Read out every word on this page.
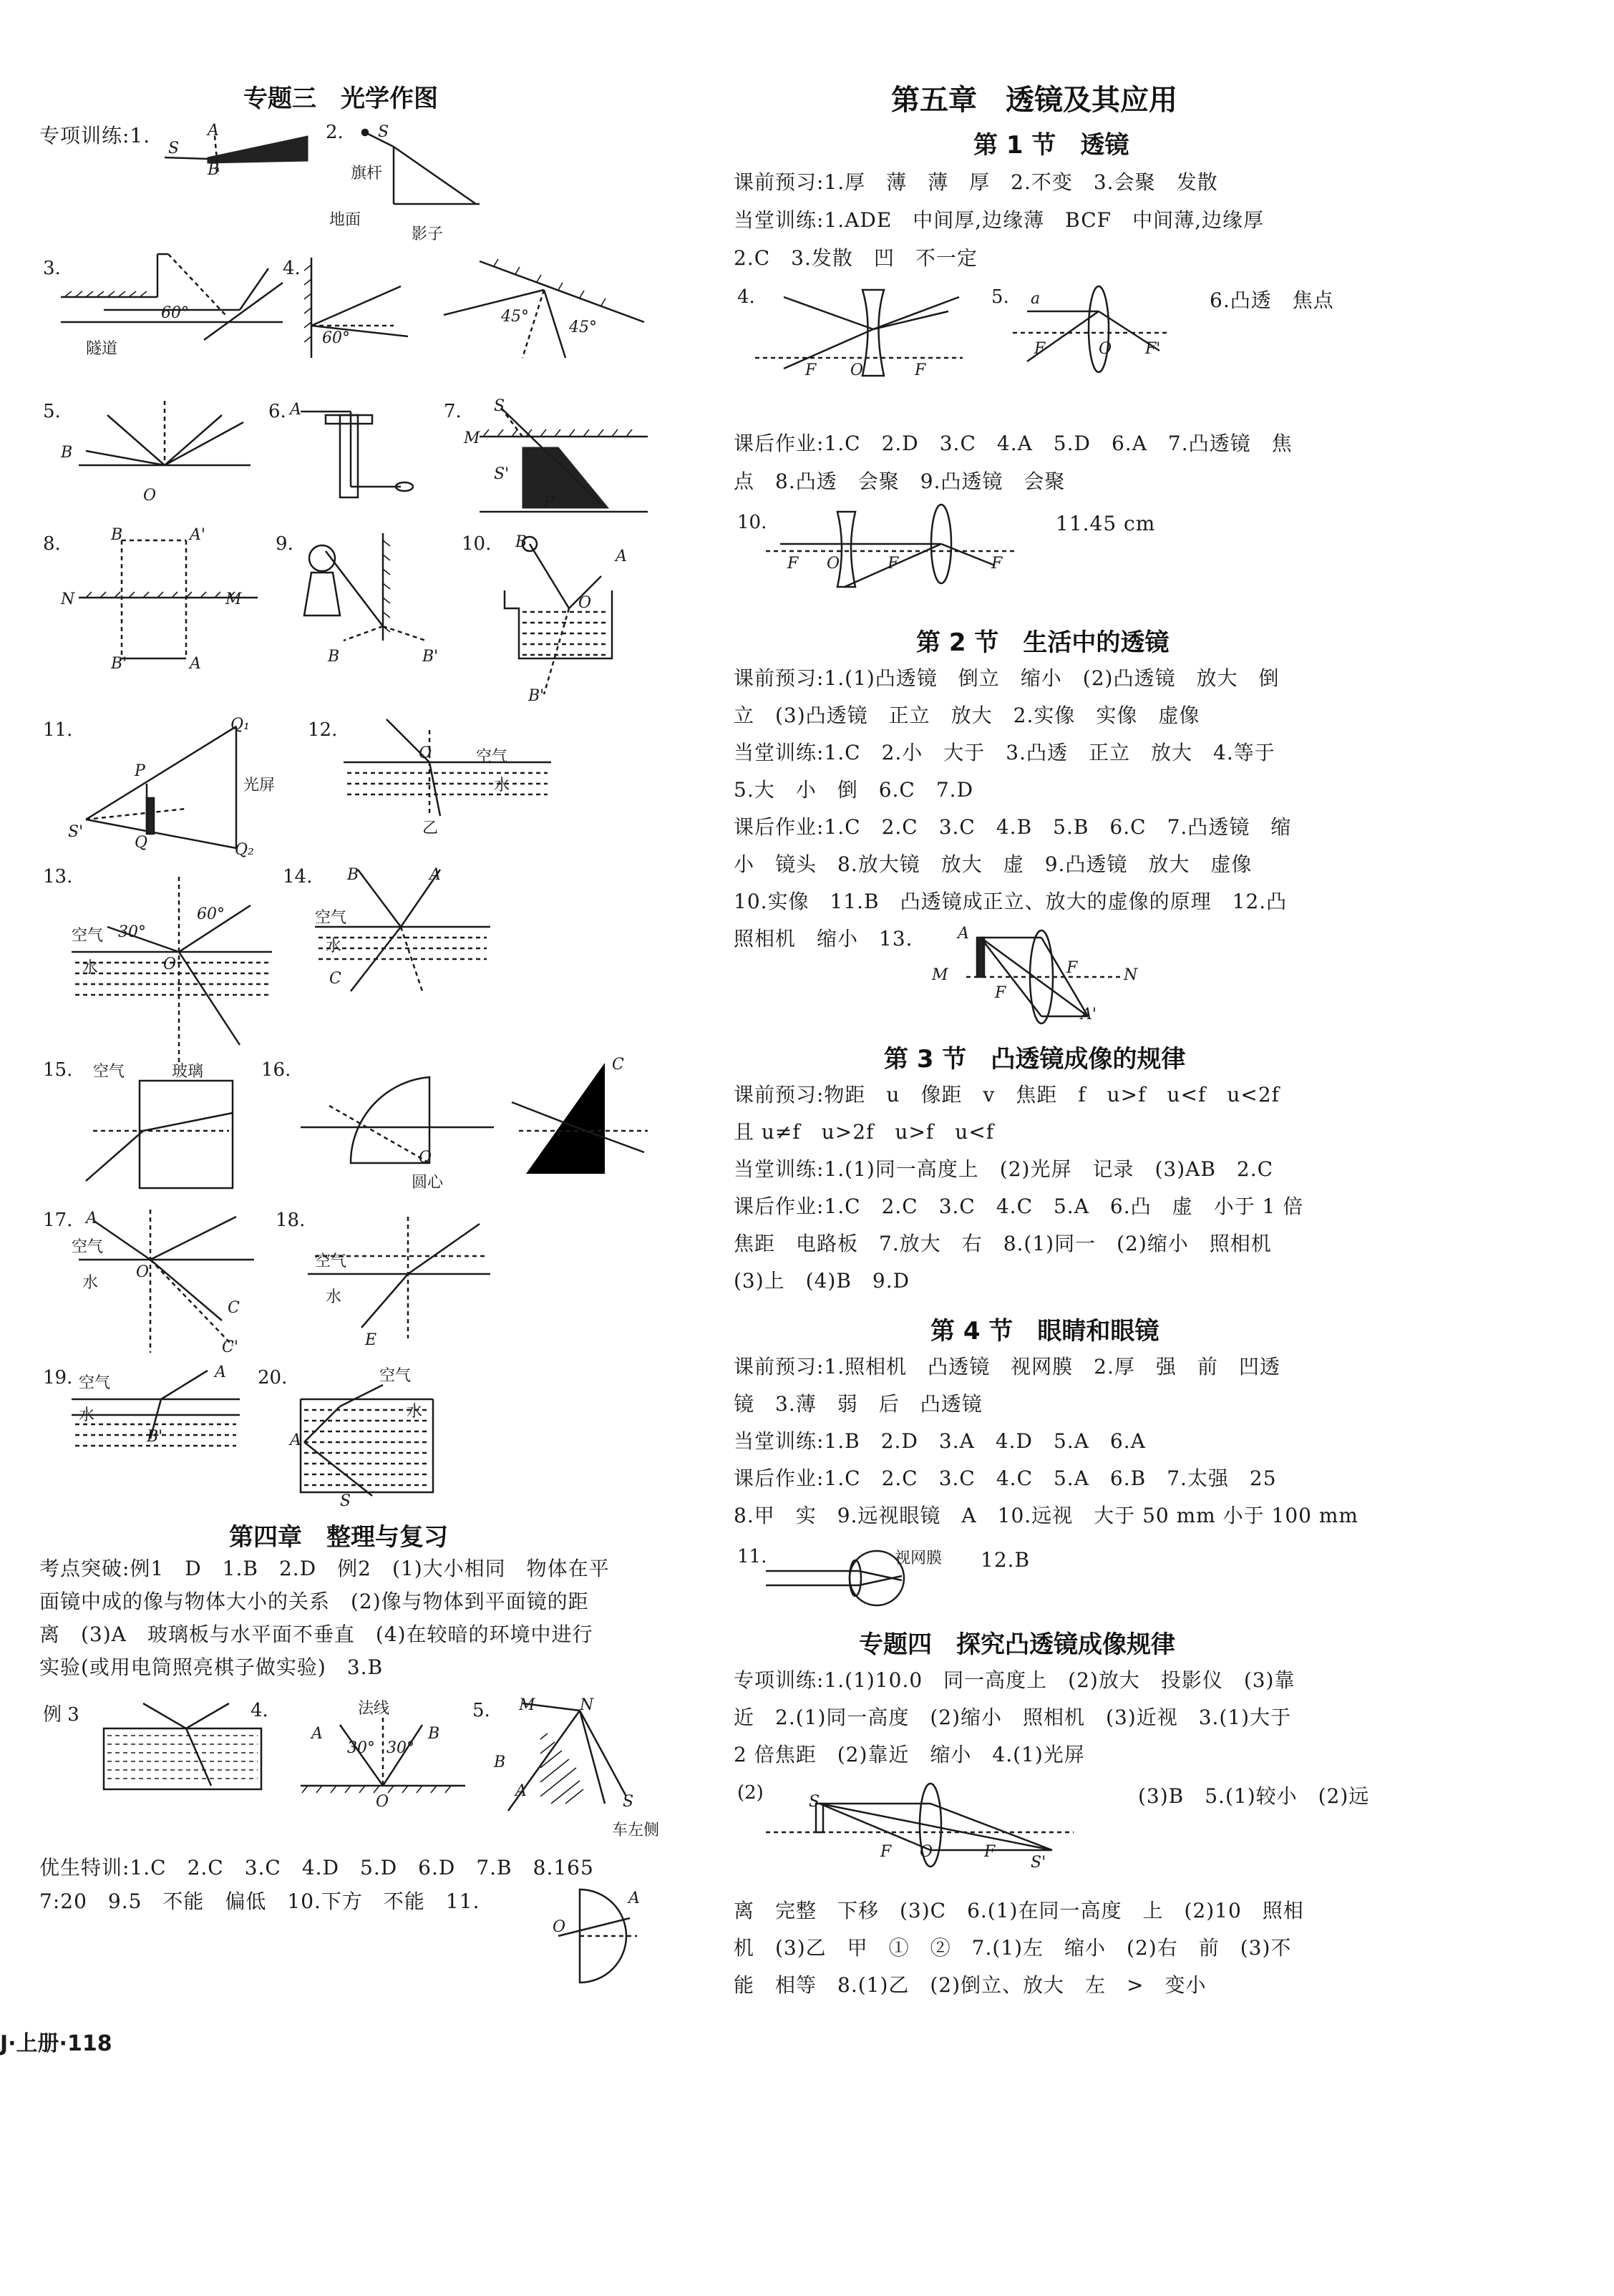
专题三　光学作图
专项训练:1.
S
A
B
2. S
旗杆
地面
影子
3.
60°
隧道
4.
60°
45°
45°
5.
B
O
6. A	7. S
M
S'
P
8.	B	A'
N	M
B'	A
9.
B	B'
10. B
A
O
B'
11.	Q₁
P
光屏
S'
Q	Q₂
12.
O	空气
水
乙
13.
空气 30°
60°
水	O
14. B	A
空气
水
C
15. 空气	玻璃	16.
圆心
O
C
17. A
空气
水
O
C
C'
18.
空气
水
E
19. 空气
水
A
B'
20.	空气
水
A
S
第四章　整理与复习
考点突破:例1　D　1.B　2.D　例2　(1)大小相同　物体在平
面镜中成的像与物体大小的关系　(2)像与物体到平面镜的距
离　(3)A　玻璃板与水平面不垂直　(4)在较暗的环境中进行
实验(或用电筒照亮棋子做实验)　3.B
例 3	4.	法线
A
30° 30°
B
O
5. M	N
B
A
S
车左侧
优生特训:1.C　2.C　3.C　4.D　5.D　6.D　7.B　8.165
7:20　9.5　不能　偏低　10.下方　不能　11.	A
O
J·上册·118
第五章　透镜及其应用
第 1 节　透镜
课前预习:1.厚　薄　薄　厚　2.不变　3.会聚　发散
当堂训练:1.ADE　中间厚,边缘薄　BCF　中间薄,边缘厚
2.C　3.发散　凹　不一定
4.
F O	F
5. a
F	O F'
6.凸透　焦点
课后作业:1.C　2.D　3.C　4.A　5.D　6.A　7.凸透镜　焦
点　8.凸透　会聚　9.凸透镜　会聚
10.
F O	F	F
11.45 cm
第 2 节　生活中的透镜
课前预习:1.(1)凸透镜　倒立　缩小　(2)凸透镜　放大　倒
立　(3)凸透镜　正立　放大　2.实像　实像　虚像
当堂训练:1.C　2.小　大于　3.凸透　正立　放大　4.等于
5.大　小　倒　6.C　7.D
课后作业:1.C　2.C　3.C　4.B　5.B　6.C　7.凸透镜　缩
小　镜头　8.放大镜　放大　虚　9.凸透镜　放大　虚像
10.实像　11.B　凸透镜成正立、放大的虚像的原理　12.凸
照相机　缩小　13.	A
M
F
F	N
A'
第 3 节　凸透镜成像的规律
课前预习:物距　u　像距　v　焦距　f　u>f　u<f　u<2f
且 u≠f　u>2f　u>f　u<f
当堂训练:1.(1)同一高度上　(2)光屏　记录　(3)AB　2.C
课后作业:1.C　2.C　3.C　4.C　5.A　6.凸　虚　小于 1 倍
焦距　电路板　7.放大　右　8.(1)同一　(2)缩小　照相机
(3)上　(4)B　9.D
第 4 节　眼睛和眼镜
课前预习:1.照相机　凸透镜　视网膜　2.厚　强　前　凹透
镜　3.薄　弱　后　凸透镜
当堂训练:1.B　2.D　3.A　4.D　5.A　6.A
课后作业:1.C　2.C　3.C　4.C　5.A　6.B　7.太强　25
8.甲　实　9.远视眼镜　A　10.远视　大于 50 mm 小于 100 mm
11.	视网膜 12.B
专题四　探究凸透镜成像规律
专项训练:1.(1)10.0　同一高度上　(2)放大　投影仪　(3)靠
近　2.(1)同一高度　(2)缩小　照相机　(3)近视　3.(1)大于
2 倍焦距　(2)靠近　缩小　4.(1)光屏
(2)	S
F O	F
S'
(3)B　5.(1)较小　(2)远
离　完整　下移　(3)C　6.(1)在同一高度　上　(2)10　照相
机　(3)乙　甲　①　②　7.(1)左　缩小　(2)右　前　(3)不
能　相等　8.(1)乙　(2)倒立、放大　左　>　变小
